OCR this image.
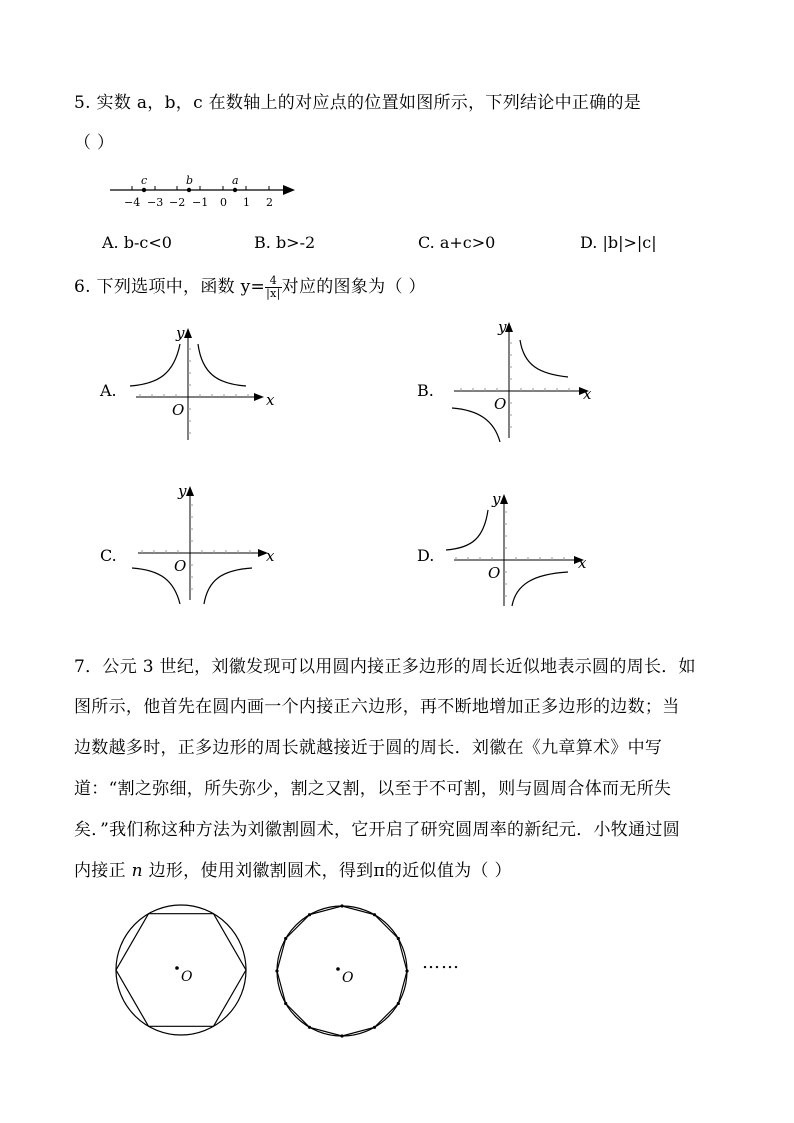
5. 实数 a，b，c 在数轴上的对应点的位置如图所示，下列结论中正确的是
（ ）
c	b	a
−4 −3 −2 −1 0 1 2
A. b-c<0	B. b>-2	C. a+c>0	D. |b|>|c|
6. 下列选项中，函数 $y= \frac{4}{|x|}$ 对应的图象为（ ）
A.	x
y
O
B.	x
y
O
C.	x
y
O
D.	x
y
O
7．公元 3 世纪，刘徽发现可以用圆内接正多边形的周长近似地表示圆的周长．如
图所示，他首先在圆内画一个内接正六边形，再不断地增加正多边形的边数；当
边数越多时，正多边形的周长就越接近于圆的周长．刘徽在《九章算术》中写
道：“割之弥细，所失弥少，割之又割，以至于不可割，则与圆周合体而无所失
矣．”我们称这种方法为刘徽割圆术，它开启了研究圆周率的新纪元．小牧通过圆
内接正 n 边形，使用刘徽割圆术，得到π的近似值为（ ）
O	O
……
